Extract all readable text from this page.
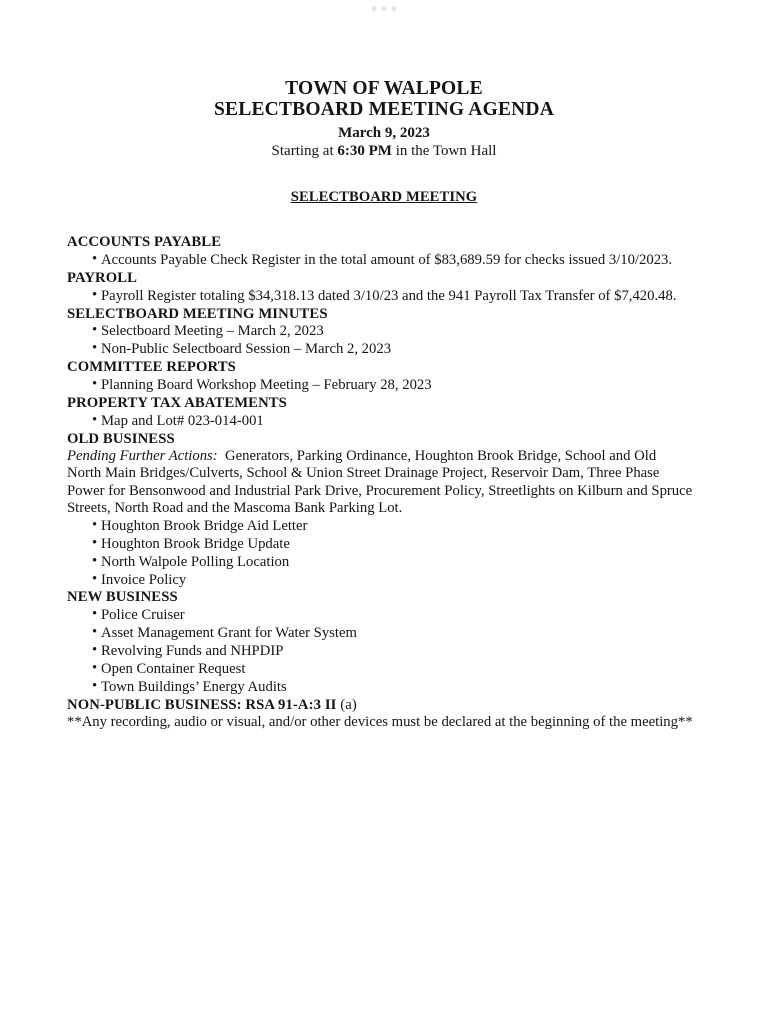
TOWN OF WALPOLE
SELECTBOARD MEETING AGENDA
March 9, 2023
Starting at 6:30 PM in the Town Hall
SELECTBOARD MEETING
ACCOUNTS PAYABLE
• Accounts Payable Check Register in the total amount of $83,689.59 for checks issued 3/10/2023.
PAYROLL
• Payroll Register totaling $34,318.13 dated 3/10/23 and the 941 Payroll Tax Transfer of $7,420.48.
SELECTBOARD MEETING MINUTES
• Selectboard Meeting – March 2, 2023
• Non-Public Selectboard Session – March 2, 2023
COMMITTEE REPORTS
• Planning Board Workshop Meeting – February 28, 2023
PROPERTY TAX ABATEMENTS
• Map and Lot# 023-014-001
OLD BUSINESS
Pending Further Actions:  Generators, Parking Ordinance, Houghton Brook Bridge, School and Old North Main Bridges/Culverts, School & Union Street Drainage Project, Reservoir Dam, Three Phase Power for Bensonwood and Industrial Park Drive, Procurement Policy, Streetlights on Kilburn and Spruce Streets, North Road and the Mascoma Bank Parking Lot.
• Houghton Brook Bridge Aid Letter
• Houghton Brook Bridge Update
• North Walpole Polling Location
• Invoice Policy
NEW BUSINESS
• Police Cruiser
• Asset Management Grant for Water System
• Revolving Funds and NHPDIP
• Open Container Request
• Town Buildings’ Energy Audits
NON-PUBLIC BUSINESS: RSA 91-A:3 II (a)
**Any recording, audio or visual, and/or other devices must be declared at the beginning of the meeting**
